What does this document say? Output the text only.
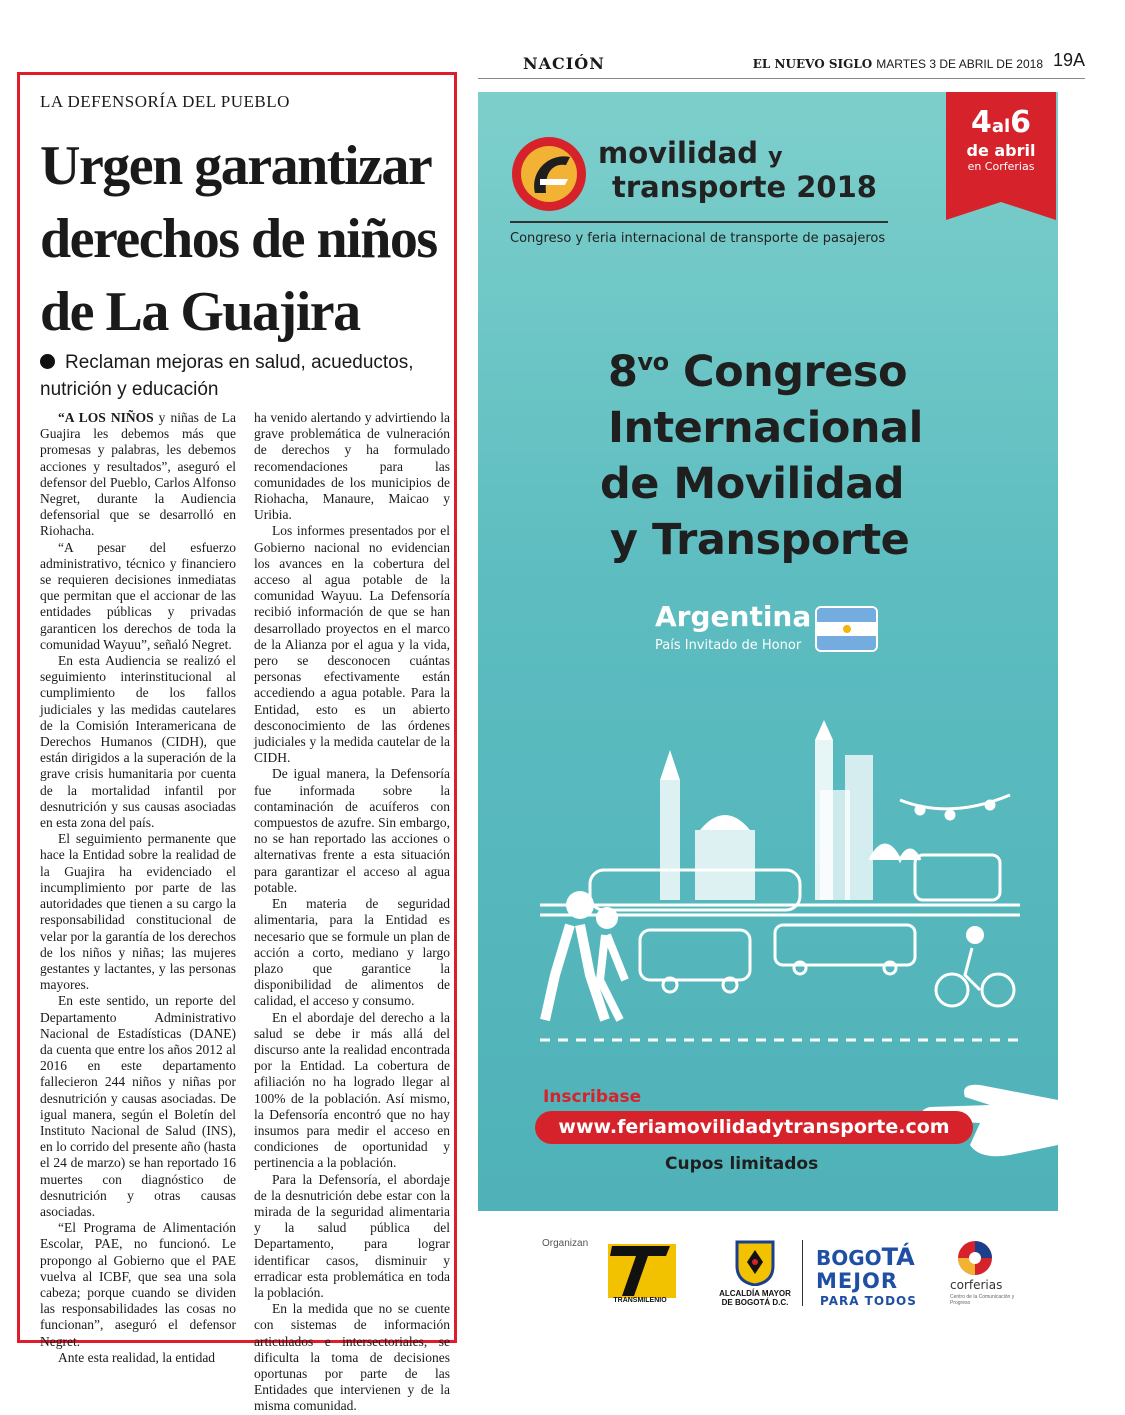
NACIÓN	EL NUEVO SIGLO MARTES 3 DE ABRIL DE 2018 19A
LA DEFENSORÍA DEL PUEBLO
Urgen garantizar derechos de niños de La Guajira
Reclaman mejoras en salud, acueductos, nutrición y educación

“A LOS NIÑOS y niñas de La Guajira les debemos más que promesas y palabras, les debemos acciones y resultados”, aseguró el defensor del Pueblo, Carlos Alfonso Negret, durante la Audiencia defensorial que se desarrolló en Riohacha.

“A pesar del esfuerzo administrativo, técnico y financiero se requieren decisiones inmediatas que permitan que el accionar de las entidades públicas y privadas garanticen los derechos de toda la comunidad Wayuu”, señaló Negret.

En esta Audiencia se realizó el seguimiento interinstitucional al cumplimiento de los fallos judiciales y las medidas cautelares de la Comisión Interamericana de Derechos Humanos (CIDH), que están dirigidos a la superación de la grave crisis humanitaria por cuenta de la mortalidad infantil por desnutrición y sus causas asociadas en esta zona del país.

El seguimiento permanente que hace la Entidad sobre la realidad de la Guajira ha evidenciado el incumplimiento por parte de las autoridades que tienen a su cargo la responsabilidad constitucional de velar por la garantía de los derechos de los niños y niñas; las mujeres gestantes y lactantes, y las personas mayores.

En este sentido, un reporte del Departamento Administrativo Nacional de Estadísticas (DANE) da cuenta que entre los años 2012 al 2016 en este departamento fallecieron 244 niños y niñas por desnutrición y causas asociadas. De igual manera, según el Boletín del Instituto Nacional de Salud (INS), en lo corrido del presente año (hasta el 24 de marzo) se han reportado 16 muertes con diagnóstico de desnutrición y otras causas asociadas.

“El Programa de Alimentación Escolar, PAE, no funcionó. Le propongo al Gobierno que el PAE vuelva al ICBF, que sea una sola cabeza; porque cuando se dividen las responsabilidades las cosas no funcionan”, aseguró el defensor Negret.

Ante esta realidad, la entidad

ha venido alertando y advirtiendo la grave problemática de vulneración de derechos y ha formulado recomendaciones para las comunidades de los municipios de Riohacha, Manaure, Maicao y Uribia.

Los informes presentados por el Gobierno nacional no evidencian los avances en la cobertura del acceso al agua potable de la comunidad Wayuu. La Defensoría recibió información de que se han desarrollado proyectos en el marco de la Alianza por el agua y la vida, pero se desconocen cuántas personas efectivamente están accediendo a agua potable. Para la Entidad, esto es un abierto desconocimiento de las órdenes judiciales y la medida cautelar de la CIDH.

De igual manera, la Defensoría fue informada sobre la contaminación de acuíferos con compuestos de azufre. Sin embargo, no se han reportado las acciones o alternativas frente a esta situación para garantizar el acceso al agua potable.

En materia de seguridad alimentaria, para la Entidad es necesario que se formule un plan de acción a corto, mediano y largo plazo que garantice la disponibilidad de alimentos de calidad, el acceso y consumo.

En el abordaje del derecho a la salud se debe ir más allá del discurso ante la realidad encontrada por la Entidad. La cobertura de afiliación no ha logrado llegar al 100% de la población. Así mismo, la Defensoría encontró que no hay insumos para medir el acceso en condiciones de oportunidad y pertinencia a la población.

Para la Defensoría, el abordaje de la desnutrición debe estar con la mirada de la seguridad alimentaria y la salud pública del Departamento, para lograr identificar casos, disminuir y erradicar esta problemática en toda la población.

En la medida que no se cuente con sistemas de información articulados e intersectoriales, se dificulta la toma de decisiones oportunas por parte de las Entidades que intervienen y de la misma comunidad.

movilidad y
transporte 2018
Congreso y feria internacional de transporte de pasajeros
4al6
de abril
en Corferias
$8^{vo}$ Congreso
Internacional
de Movilidad
y Transporte
Argentina
País Invitado de Honor
Inscribase
www.feriamovilidadytransporte.com
Cupos limitados
Organizan
TRANSMILENIO
ALCALDÍA MAYOR DE BOGOTÁ D.C.
BOGOTÁ
MEJOR
PARA TODOS
corferias
Centro de la Comunicación y Progreso
